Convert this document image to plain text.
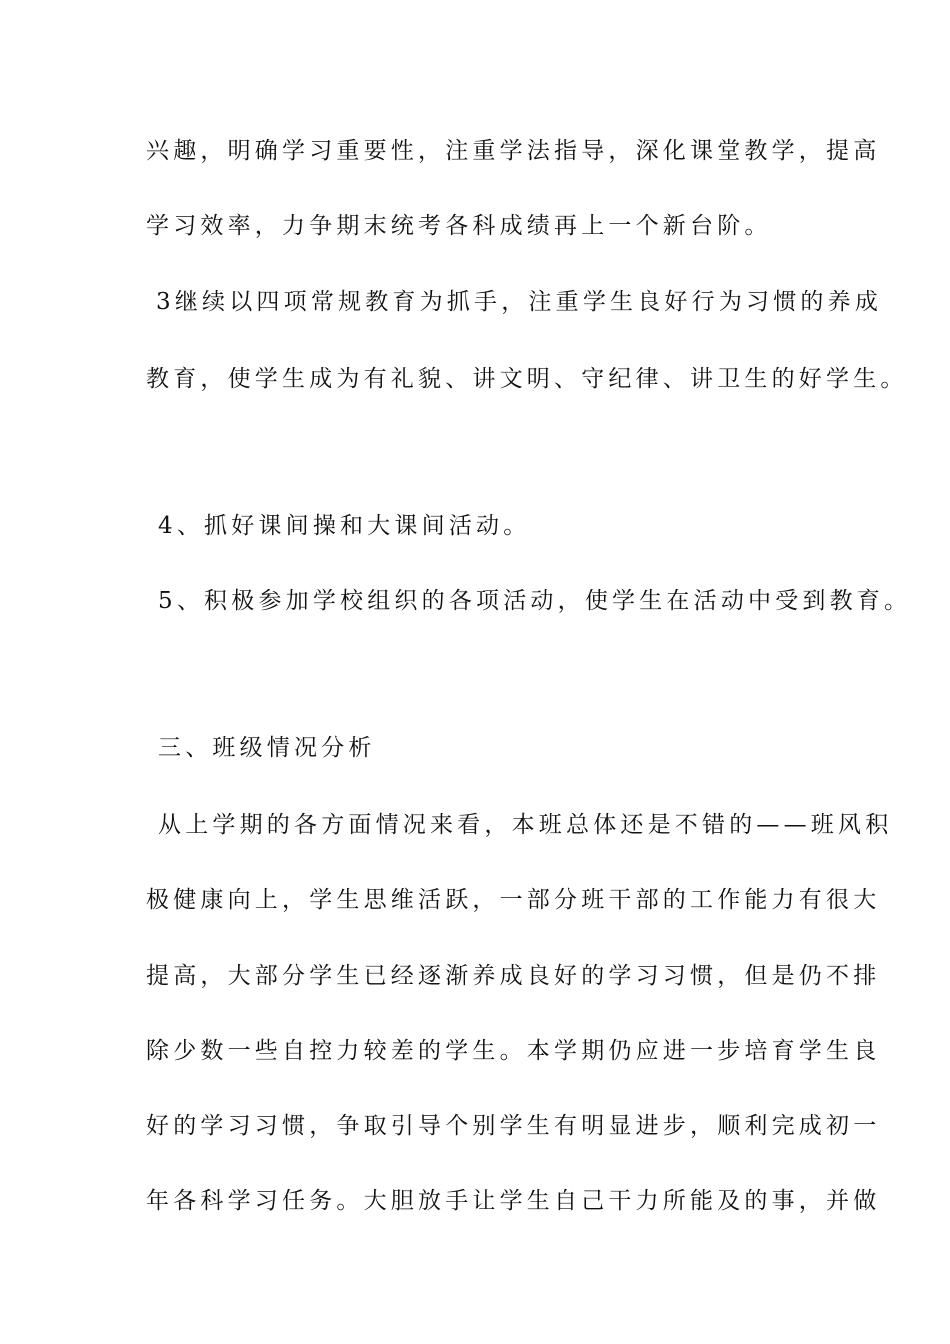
兴趣，明确学习重要性，注重学法指导，深化课堂教学，提高
学习效率，力争期末统考各科成绩再上一个新台阶。
3继续以四项常规教育为抓手，注重学生良好行为习惯的养成
教育，使学生成为有礼貌、讲文明、守纪律、讲卫生的好学生。
4、抓好课间操和大课间活动。
5、积极参加学校组织的各项活动，使学生在活动中受到教育。
三、班级情况分析
从上学期的各方面情况来看，本班总体还是不错的——班风积
极健康向上，学生思维活跃，一部分班干部的工作能力有很大
提高，大部分学生已经逐渐养成良好的学习习惯，但是仍不排
除少数一些自控力较差的学生。本学期仍应进一步培育学生良
好的学习习惯，争取引导个别学生有明显进步，顺利完成初一
年各科学习任务。大胆放手让学生自己干力所能及的事，并做
